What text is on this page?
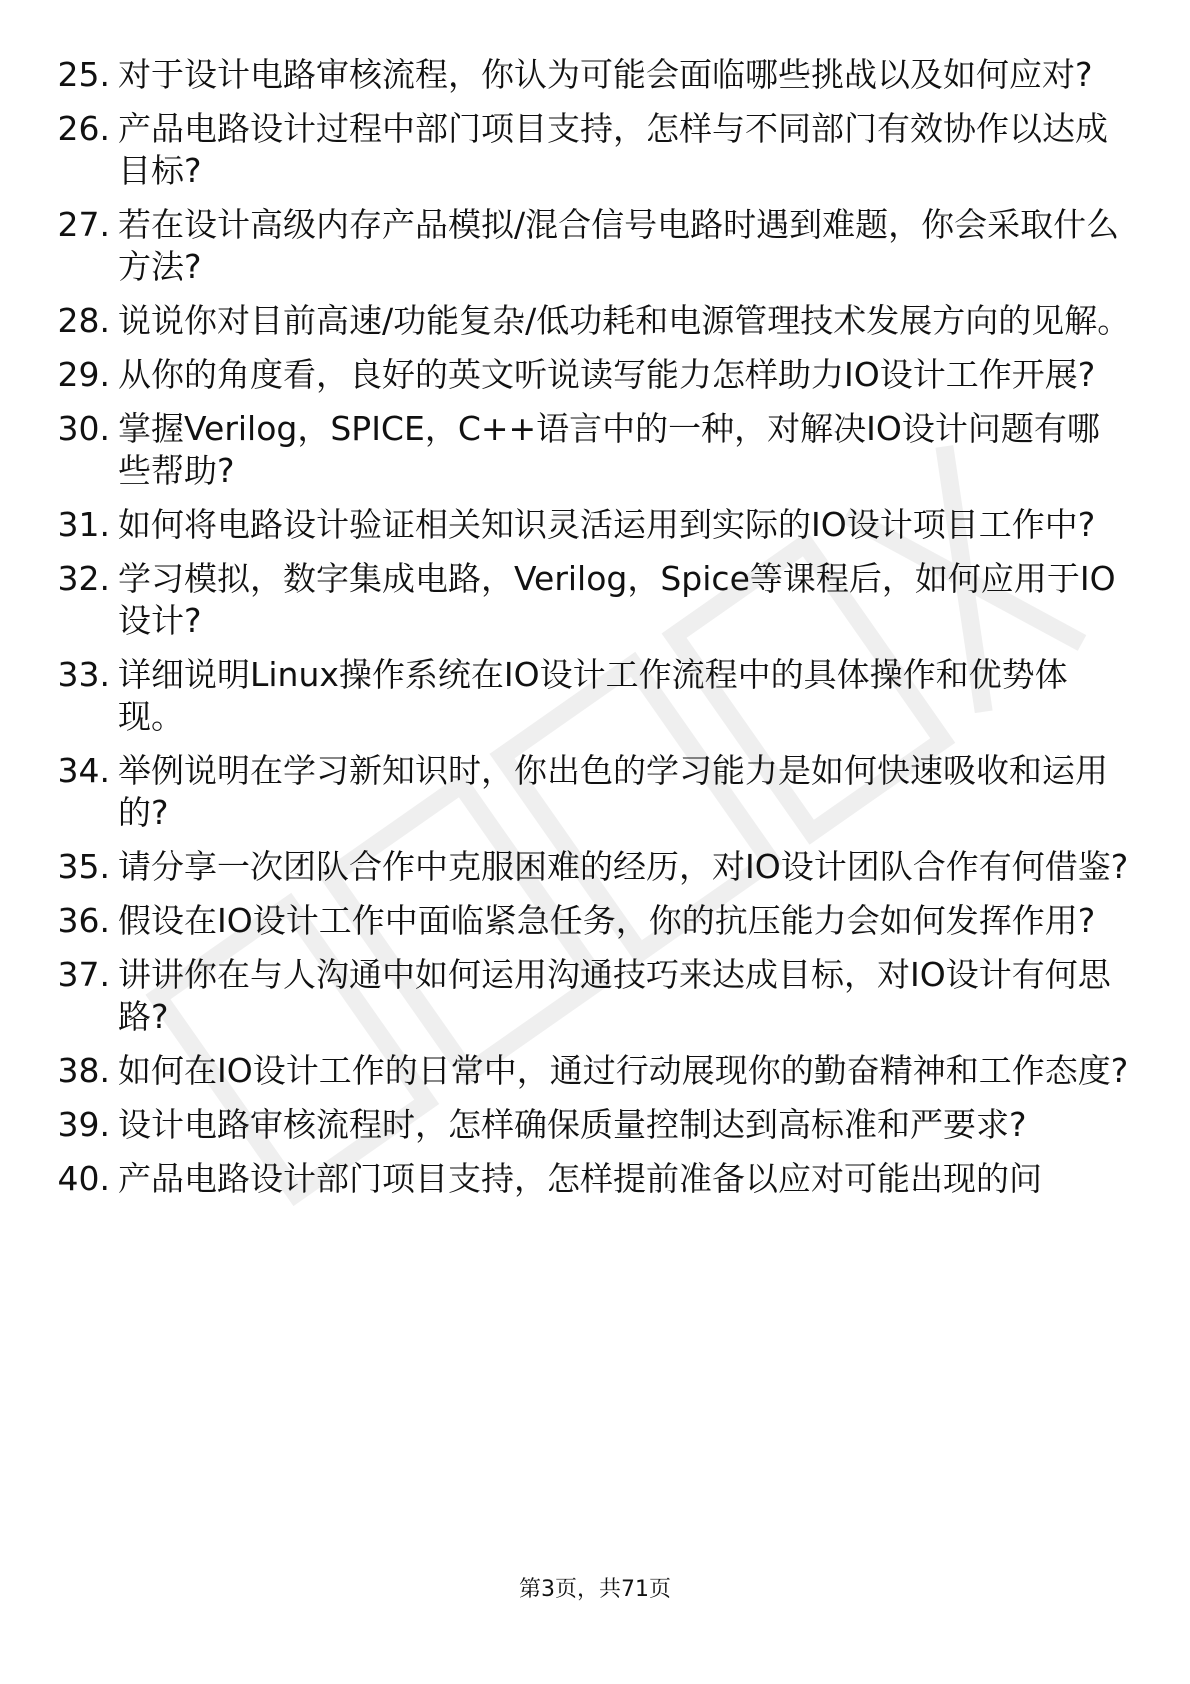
25. 对于设计电路审核流程，你认为可能会面临哪些挑战以及如何应对?
26. 产品电路设计过程中部门项目支持，怎样与不同部门有效协作以达成目标?
27. 若在设计高级内存产品模拟/混合信号电路时遇到难题，你会采取什么方法?
28. 说说你对目前高速/功能复杂/低功耗和电源管理技术发展方向的见解。
29. 从你的角度看，良好的英文听说读写能力怎样助力IO设计工作开展?
30. 掌握Verilog，SPICE，C++语言中的一种，对解决IO设计问题有哪些帮助?
31. 如何将电路设计验证相关知识灵活运用到实际的IO设计项目工作中?
32. 学习模拟，数字集成电路，Verilog，Spice等课程后，如何应用于IO设计?
33. 详细说明Linux操作系统在IO设计工作流程中的具体操作和优势体现。
34. 举例说明在学习新知识时，你出色的学习能力是如何快速吸收和运用的?
35. 请分享一次团队合作中克服困难的经历，对IO设计团队合作有何借鉴?
36. 假设在IO设计工作中面临紧急任务，你的抗压能力会如何发挥作用?
37. 讲讲你在与人沟通中如何运用沟通技巧来达成目标，对IO设计有何思路?
38. 如何在IO设计工作的日常中，通过行动展现你的勤奋精神和工作态度?
39. 设计电路审核流程时，怎样确保质量控制达到高标准和严要求?
40. 产品电路设计部门项目支持，怎样提前准备以应对可能出现的问
第3页，共71页
